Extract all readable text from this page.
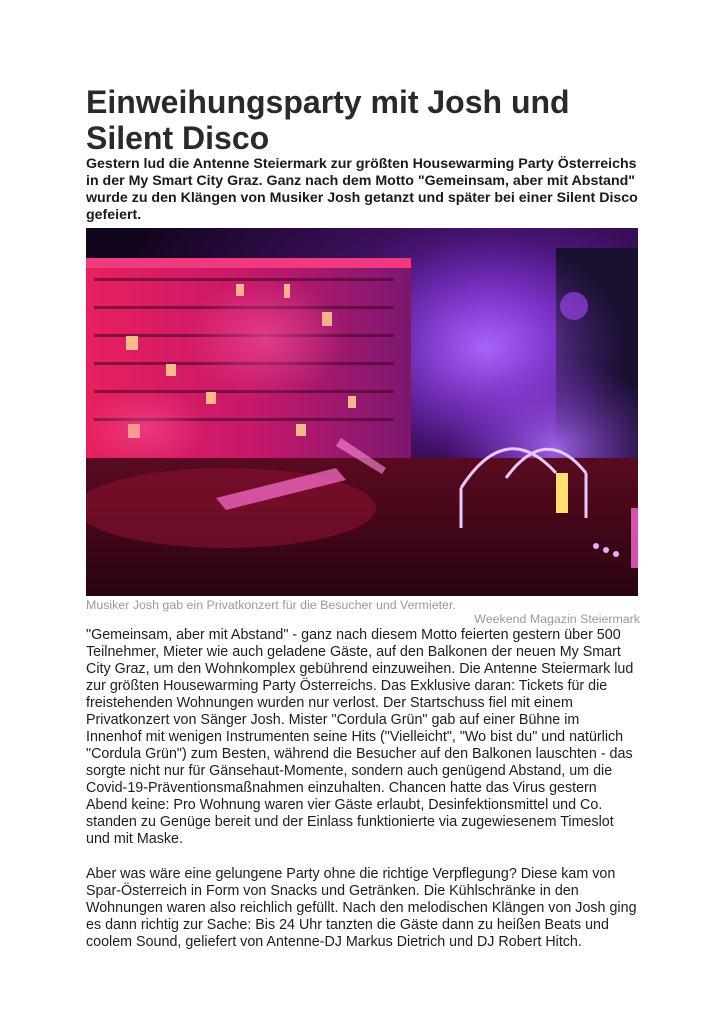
Einweihungsparty mit Josh und Silent Disco

Gestern lud die Antenne Steiermark zur größten Housewarming Party Österreichs in der My Smart City Graz. Ganz nach dem Motto "Gemeinsam, aber mit Abstand" wurde zu den Klängen von Musiker Josh getanzt und später bei einer Silent Disco gefeiert.

Musiker Josh gab ein Privatkonzert für die Besucher und Vermieter.
Weekend Magazin Steiermark

"Gemeinsam, aber mit Abstand" - ganz nach diesem Motto feierten gestern über 500 Teilnehmer, Mieter wie auch geladene Gäste, auf den Balkonen der neuen My Smart City Graz, um den Wohnkomplex gebührend einzuweihen. Die Antenne Steiermark lud zur größten Housewarming Party Österreichs. Das Exklusive daran: Tickets für die freistehenden Wohnungen wurden nur verlost. Der Startschuss fiel mit einem Privatkonzert von Sänger Josh. Mister "Cordula Grün" gab auf einer Bühne im Innenhof mit wenigen Instrumenten seine Hits ("Vielleicht", "Wo bist du" und natürlich "Cordula Grün") zum Besten, während die Besucher auf den Balkonen lauschten - das sorgte nicht nur für Gänsehaut-Momente, sondern auch genügend Abstand, um die Covid-19-Präventionsmaßnahmen einzuhalten. Chancen hatte das Virus gestern Abend keine: Pro Wohnung waren vier Gäste erlaubt, Desinfektionsmittel und Co. standen zu Genüge bereit und der Einlass funktionierte via zugewiesenem Timeslot und mit Maske.

Aber was wäre eine gelungene Party ohne die richtige Verpflegung? Diese kam von Spar-Österreich in Form von Snacks und Getränken. Die Kühlschränke in den Wohnungen waren also reichlich gefüllt. Nach den melodischen Klängen von Josh ging es dann richtig zur Sache: Bis 24 Uhr tanzten die Gäste dann zu heißen Beats und coolem Sound, geliefert von Antenne-DJ Markus Dietrich und DJ Robert Hitch.
